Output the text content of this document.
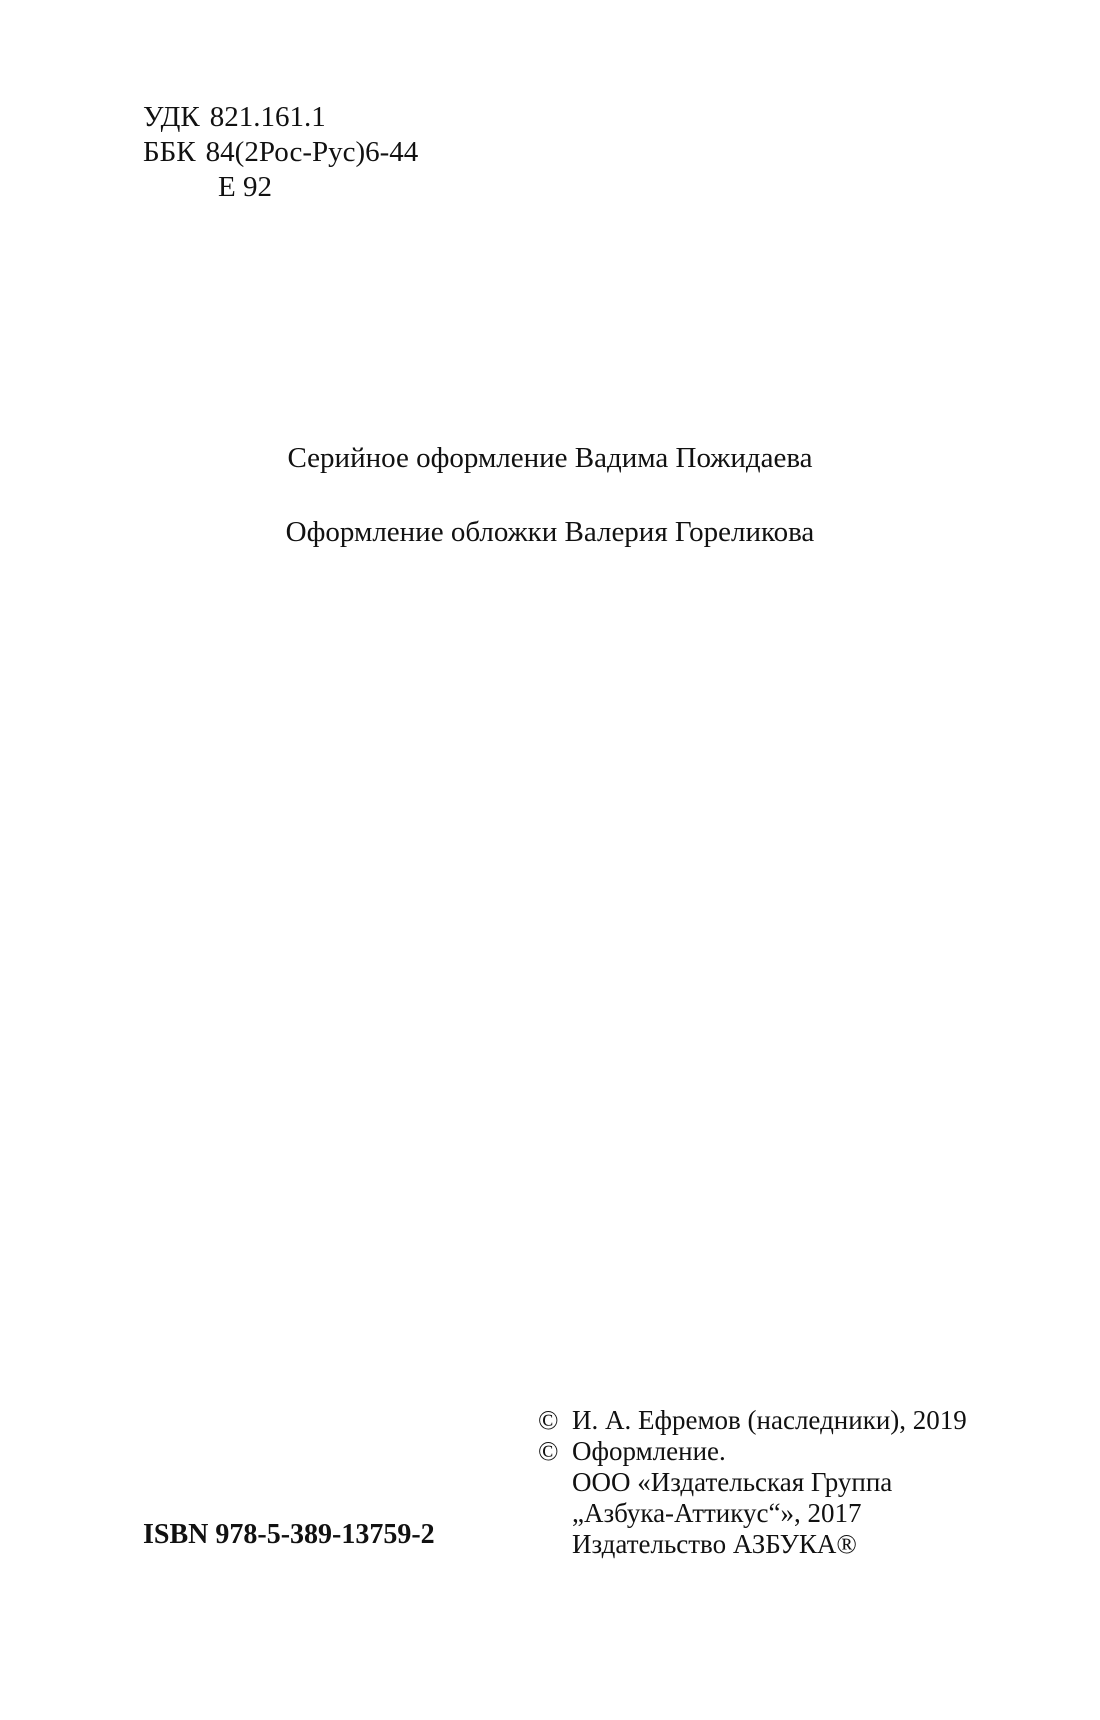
УДК 821.161.1
ББК 84(2Рос-Рус)6-44
Е 92
Серийное оформление Вадима Пожидаева
Оформление обложки Валерия Гореликова
© И. А. Ефремов (наследники), 2019
© Оформление.
ООО «Издательская Группа
„Азбука-Аттикус“», 2017
Издательство АЗБУКА®
ISBN 978-5-389-13759-2
